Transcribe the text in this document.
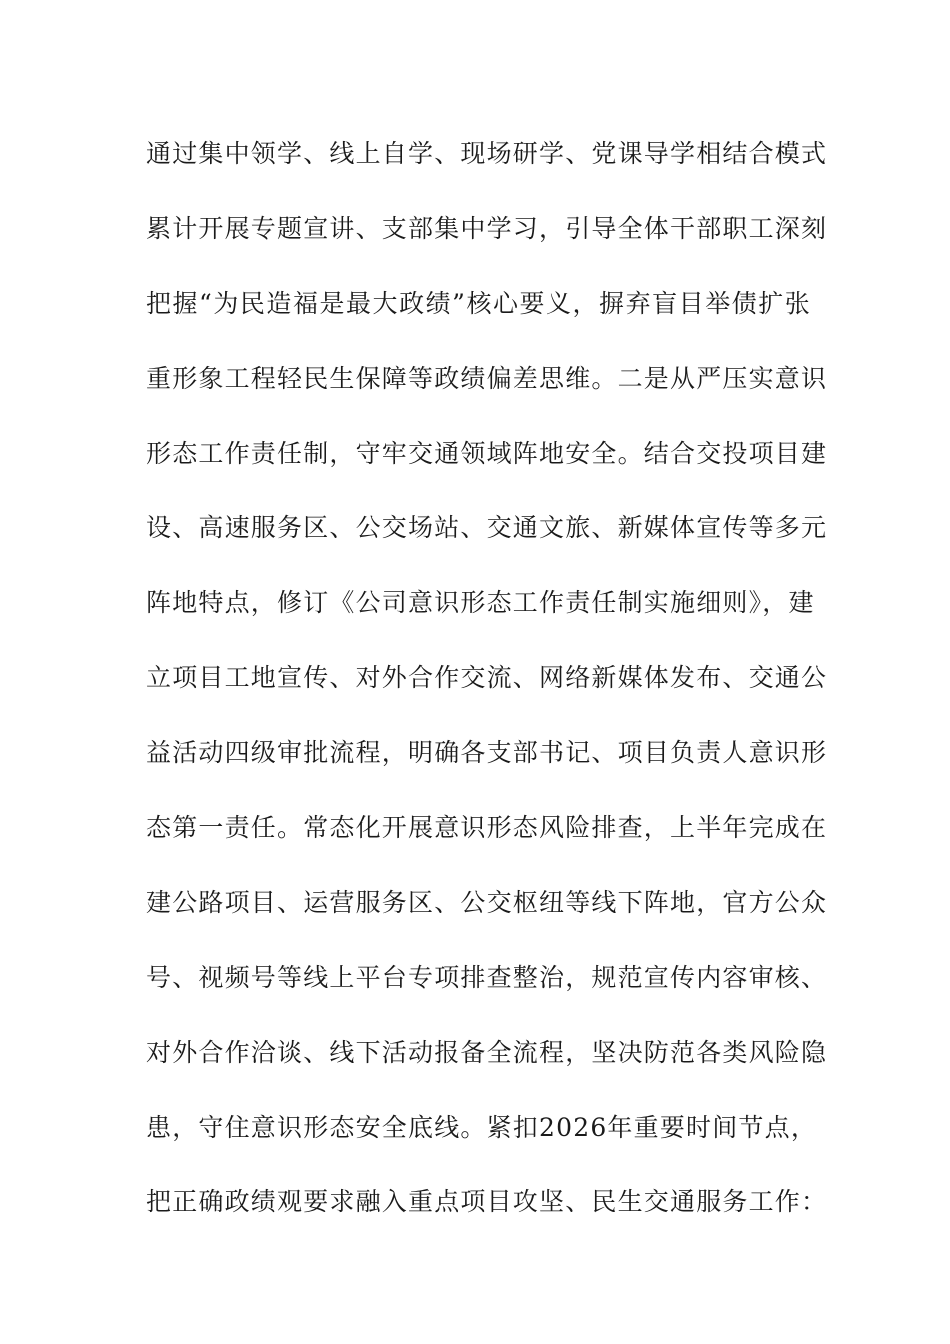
通过集中领学、线上自学、现场研学、党课导学相结合模式
累计开展专题宣讲、支部集中学习，引导全体干部职工深刻
把握“为民造福是最大政绩”核心要义，摒弃盲目举债扩张
重形象工程轻民生保障等政绩偏差思维。二是从严压实意识
形态工作责任制，守牢交通领域阵地安全。结合交投项目建
设、高速服务区、公交场站、交通文旅、新媒体宣传等多元
阵地特点，修订《公司意识形态工作责任制实施细则》，建
立项目工地宣传、对外合作交流、网络新媒体发布、交通公
益活动四级审批流程，明确各支部书记、项目负责人意识形
态第一责任。常态化开展意识形态风险排查，上半年完成在
建公路项目、运营服务区、公交枢纽等线下阵地，官方公众
号、视频号等线上平台专项排查整治，规范宣传内容审核、
对外合作洽谈、线下活动报备全流程，坚决防范各类风险隐
患，守住意识形态安全底线。紧扣2026年重要时间节点，
把正确政绩观要求融入重点项目攻坚、民生交通服务工作：
